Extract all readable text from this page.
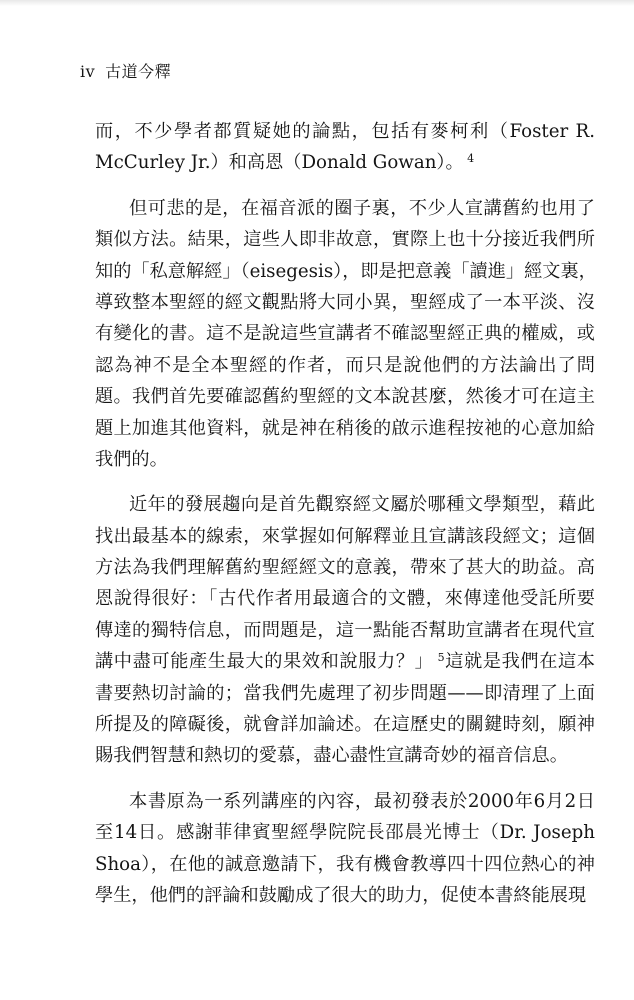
iv 古道今釋
而，不少學者都質疑她的論點，包括有麥柯利（Foster R.
McCurley Jr.）和高恩（Donald Gowan）。 $^4$
但可悲的是，在福音派的圈子裏，不少人宣講舊約也用了
類似方法。結果，這些人即非故意，實際上也十分接近我們所
知的「私意解經」（eisegesis），即是把意義「讀進」經文裏，
導致整本聖經的經文觀點將大同小異，聖經成了一本平淡、沒
有變化的書。這不是說這些宣講者不確認聖經正典的權威，或
認為神不是全本聖經的作者，而只是說他們的方法論出了問
題。我們首先要確認舊約聖經的文本說甚麼，然後才可在這主
題上加進其他資料，就是神在稍後的啟示進程按祂的心意加給
我們的。
近年的發展趨向是首先觀察經文屬於哪種文學類型，藉此
找出最基本的線索，來掌握如何解釋並且宣講該段經文；這個
方法為我們理解舊約聖經經文的意義，帶來了甚大的助益。高
恩說得很好：「古代作者用最適合的文體，來傳達他受託所要
傳達的獨特信息，而問題是，這一點能否幫助宣講者在現代宣
講中盡可能產生最大的果效和說服力？」 $^5$這就是我們在這本
書要熱切討論的；當我們先處理了初步問題——即清理了上面
所提及的障礙後，就會詳加論述。在這歷史的關鍵時刻，願神
賜我們智慧和熱切的愛慕，盡心盡性宣講奇妙的福音信息。
本書原為一系列講座的內容，最初發表於2000年6月2日
至14日。感謝菲律賓聖經學院院長邵晨光博士（Dr. Joseph
Shoa），在他的誠意邀請下，我有機會教導四十四位熱心的神
學生，他們的評論和鼓勵成了很大的助力，促使本書終能展現
